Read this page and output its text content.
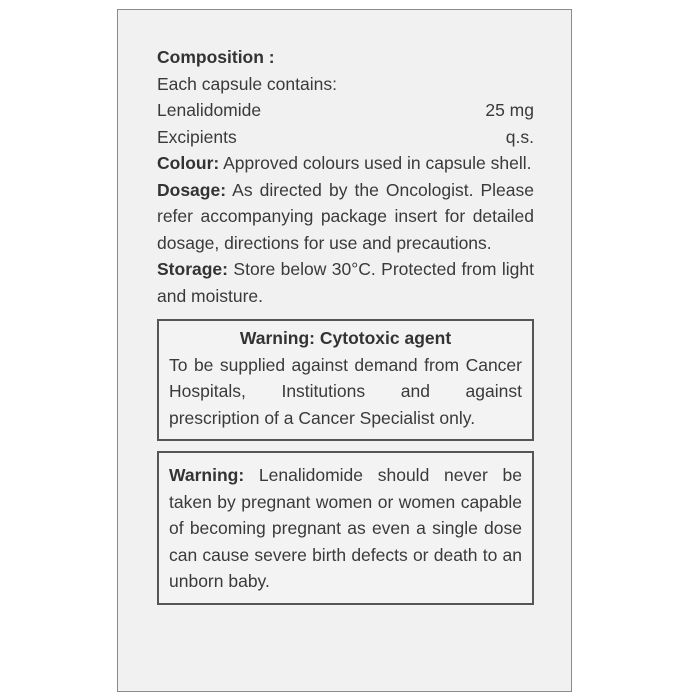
Composition :

Each capsule contains:

Lenalidomide	25 mg
Excipients	q.s.

Colour: Approved colours used in capsule shell.

Dosage: As directed by the Oncologist. Please refer accompanying package insert for detailed dosage, directions for use and precautions.

Storage: Store below 30°C. Protected from light and moisture.

Warning: Cytotoxic agent
To be supplied against demand from Cancer Hospitals, Institutions and against prescription of a Cancer Specialist only.
Warning: Lenalidomide should never be taken by pregnant women or women capable of becoming pregnant as even a single dose can cause severe birth defects or death to an unborn baby.
